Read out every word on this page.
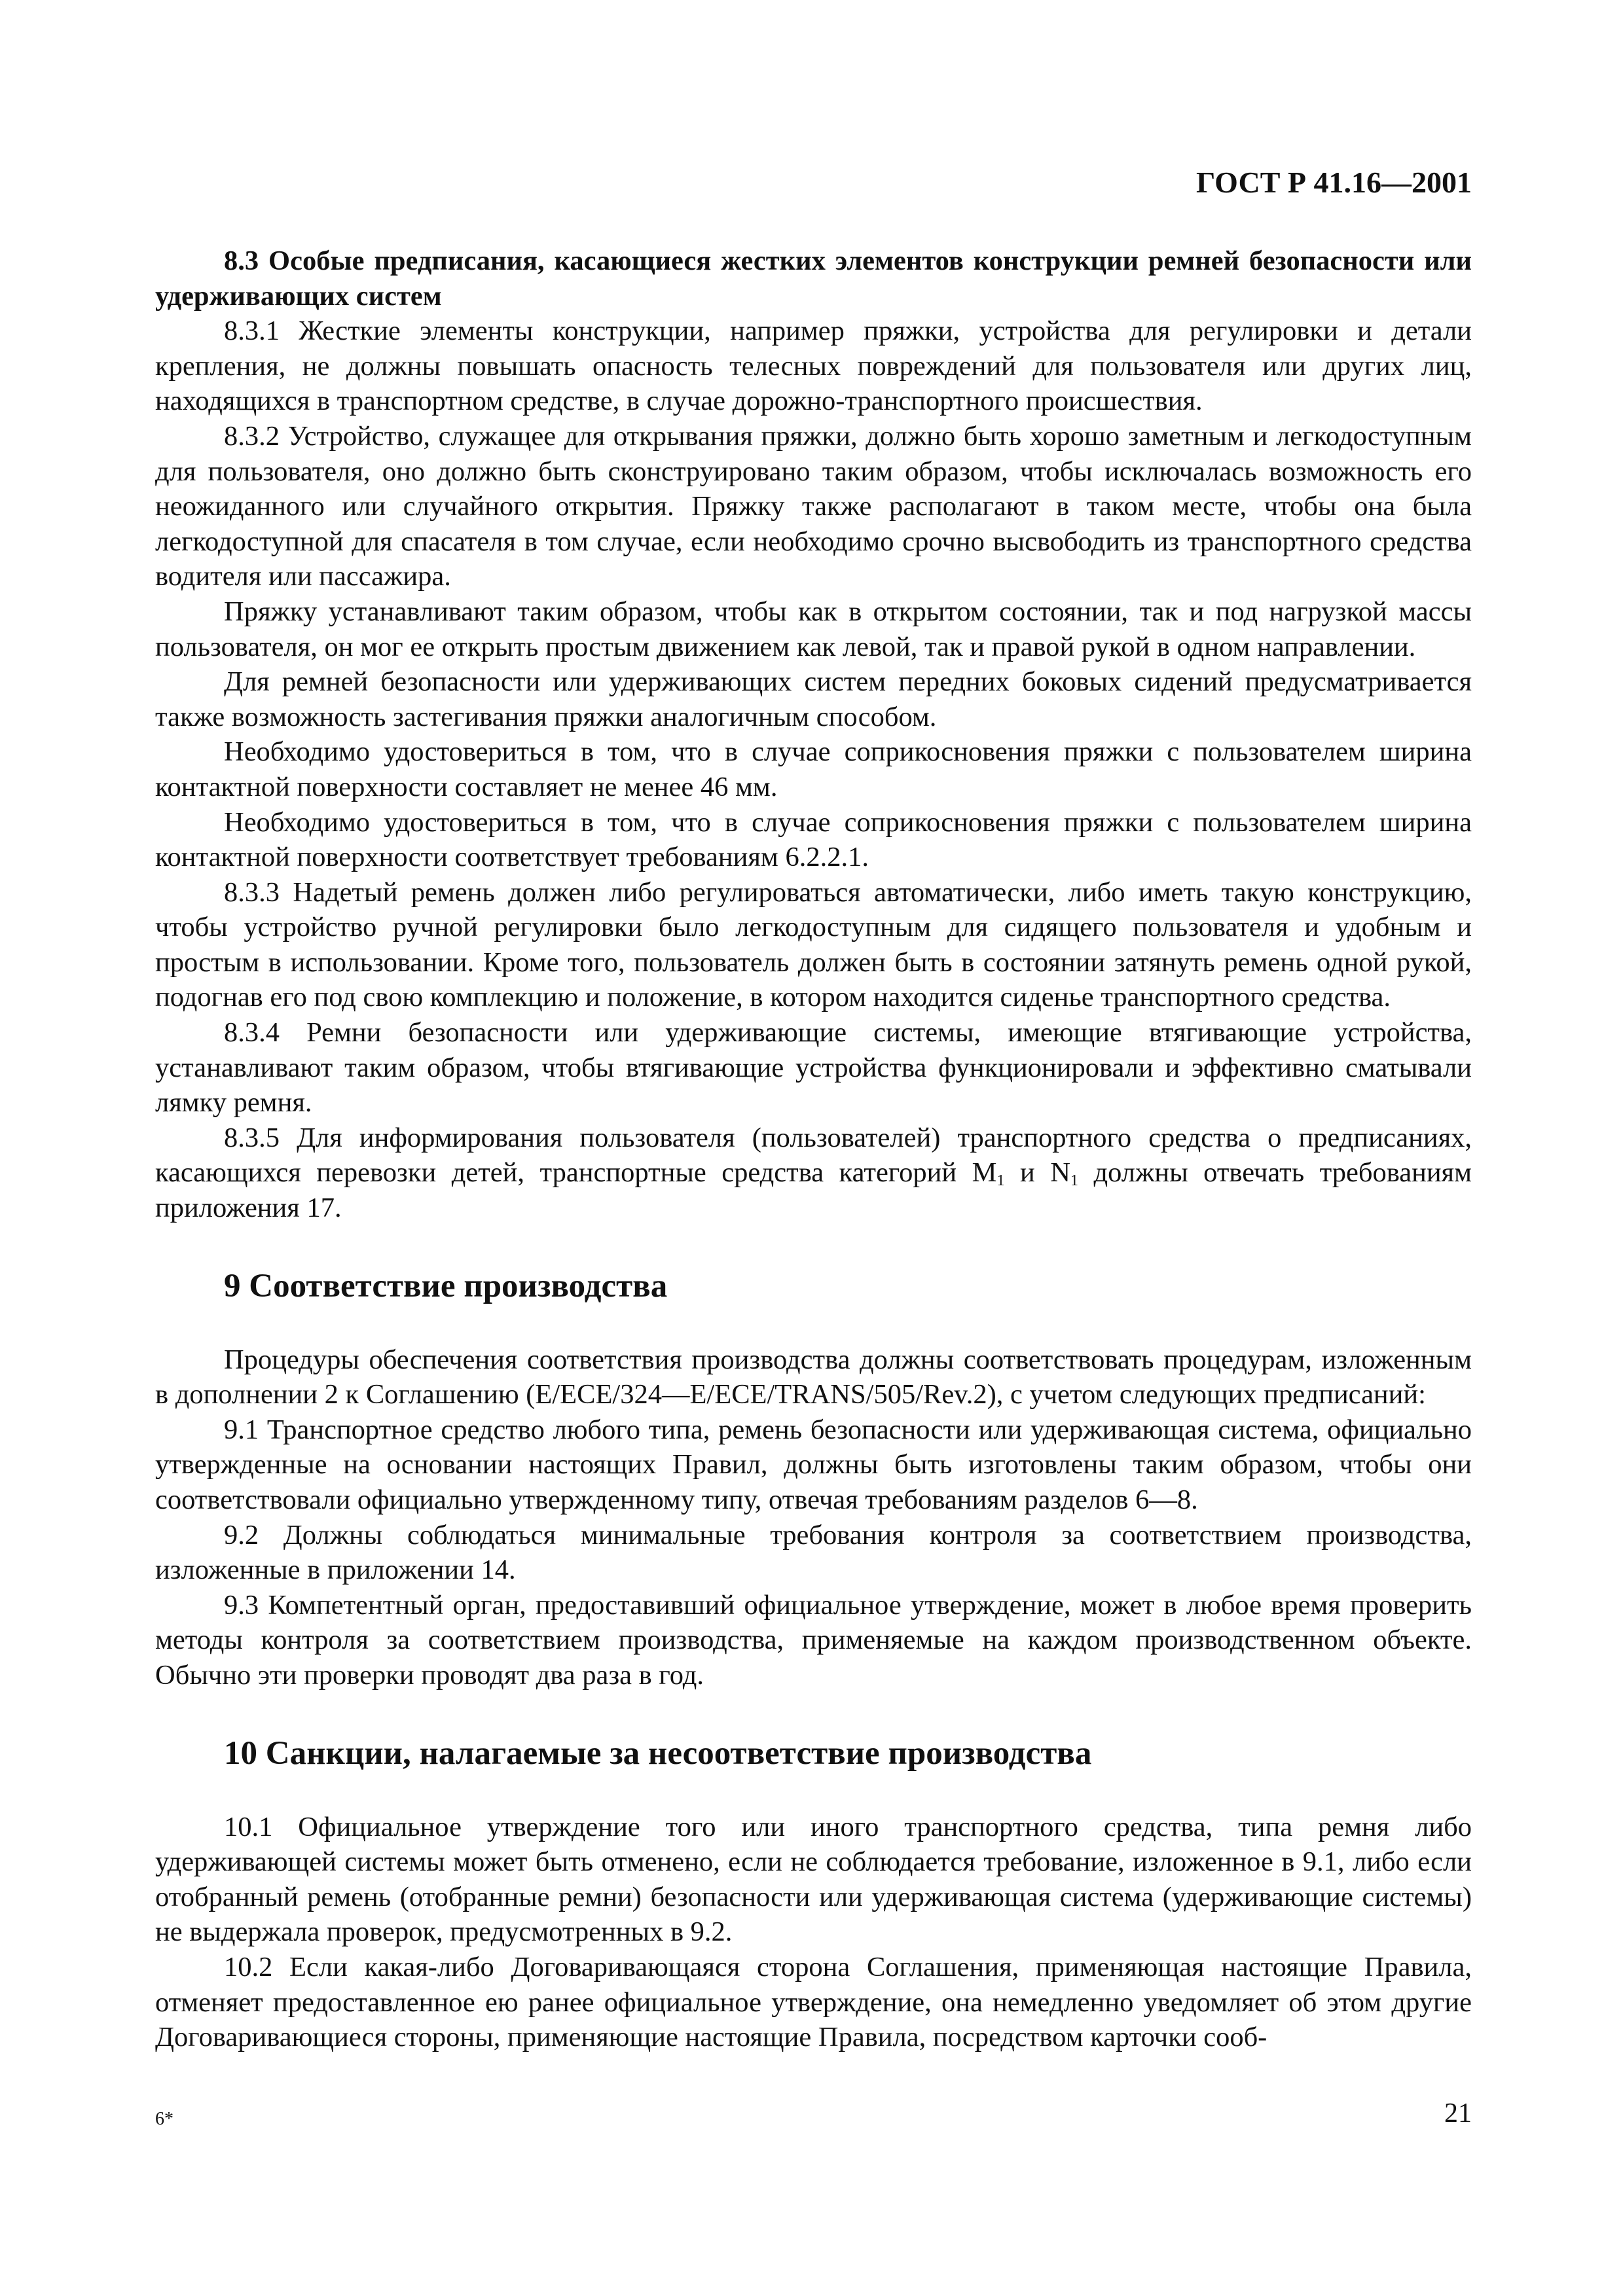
ГОСТ Р 41.16—2001

8.3 Особые предписания, касающиеся жестких элементов конструкции ремней безопасности или удерживающих систем

8.3.1 Жесткие элементы конструкции, например пряжки, устройства для регулировки и детали крепления, не должны повышать опасность телесных повреждений для пользователя или других лиц, находящихся в транспортном средстве, в случае дорожно-транспортного происшествия.

8.3.2 Устройство, служащее для открывания пряжки, должно быть хорошо заметным и легкодоступным для пользователя, оно должно быть сконструировано таким образом, чтобы исключалась возможность его неожиданного или случайного открытия. Пряжку также располагают в таком месте, чтобы она была легкодоступной для спасателя в том случае, если необходимо срочно высвободить из транспортного средства водителя или пассажира.

Пряжку устанавливают таким образом, чтобы как в открытом состоянии, так и под нагрузкой массы пользователя, он мог ее открыть простым движением как левой, так и правой рукой в одном направлении.

Для ремней безопасности или удерживающих систем передних боковых сидений предусматривается также возможность застегивания пряжки аналогичным способом.

Необходимо удостовериться в том, что в случае соприкосновения пряжки с пользователем ширина контактной поверхности составляет не менее 46 мм.

Необходимо удостовериться в том, что в случае соприкосновения пряжки с пользователем ширина контактной поверхности соответствует требованиям 6.2.2.1.

8.3.3 Надетый ремень должен либо регулироваться автоматически, либо иметь такую конструкцию, чтобы устройство ручной регулировки было легкодоступным для сидящего пользователя и удобным и простым в использовании. Кроме того, пользователь должен быть в состоянии затянуть ремень одной рукой, подогнав его под свою комплекцию и положение, в котором находится сиденье транспортного средства.

8.3.4 Ремни безопасности или удерживающие системы, имеющие втягивающие устройства, устанавливают таким образом, чтобы втягивающие устройства функционировали и эффективно сматывали лямку ремня.

8.3.5 Для информирования пользователя (пользователей) транспортного средства о предписаниях, касающихся перевозки детей, транспортные средства категорий $М_1$ и $N_1$ должны отвечать требованиям приложения 17.

9 Соответствие производства

Процедуры обеспечения соответствия производства должны соответствовать процедурам, изложенным в дополнении 2 к Соглашению (E/ECE/324—E/ECE/TRANS/505/Rev.2), с учетом следующих предписаний:

9.1 Транспортное средство любого типа, ремень безопасности или удерживающая система, официально утвержденные на основании настоящих Правил, должны быть изготовлены таким образом, чтобы они соответствовали официально утвержденному типу, отвечая требованиям разделов 6—8.

9.2 Должны соблюдаться минимальные требования контроля за соответствием производства, изложенные в приложении 14.

9.3 Компетентный орган, предоставивший официальное утверждение, может в любое время проверить методы контроля за соответствием производства, применяемые на каждом производственном объекте. Обычно эти проверки проводят два раза в год.

10 Санкции, налагаемые за несоответствие производства

10.1 Официальное утверждение того или иного транспортного средства, типа ремня либо удерживающей системы может быть отменено, если не соблюдается требование, изложенное в 9.1, либо если отобранный ремень (отобранные ремни) безопасности или удерживающая система (удерживающие системы) не выдержала проверок, предусмотренных в 9.2.

10.2 Если какая-либо Договаривающаяся сторона Соглашения, применяющая настоящие Правила, отменяет предоставленное ею ранее официальное утверждение, она немедленно уведомляет об этом другие Договаривающиеся стороны, применяющие настоящие Правила, посредством карточки сооб-

6*	21
